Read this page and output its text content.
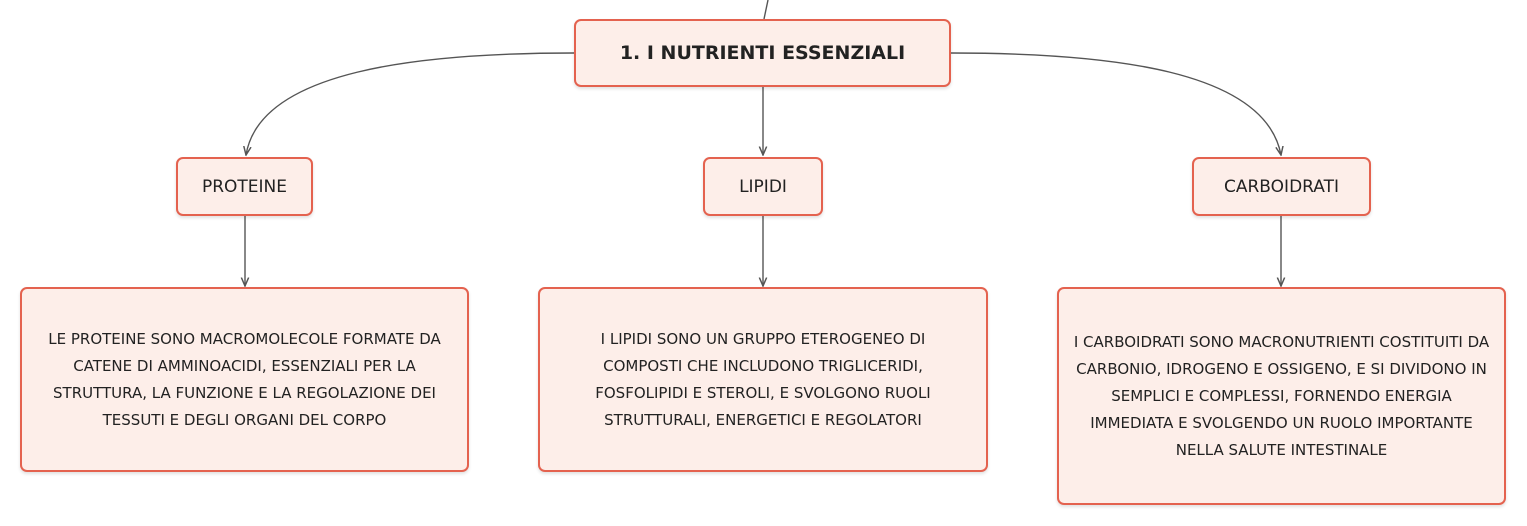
1. I NUTRIENTI ESSENZIALI
PROTEINE	LIPIDI	CARBOIDRATI
LE PROTEINE SONO MACROMOLECOLE FORMATE DA CATENE DI AMMINOACIDI, ESSENZIALI PER LA STRUTTURA, LA FUNZIONE E LA REGOLAZIONE DEI TESSUTI E DEGLI ORGANI DEL CORPO
I LIPIDI SONO UN GRUPPO ETEROGENEO DI COMPOSTI CHE INCLUDONO TRIGLICERIDI, FOSFOLIPIDI E STEROLI, E SVOLGONO RUOLI STRUTTURALI, ENERGETICI E REGOLATORI
I CARBOIDRATI SONO MACRONUTRIENTI COSTITUITI DA CARBONIO, IDROGENO E OSSIGENO, E SI DIVIDONO IN SEMPLICI E COMPLESSI, FORNENDO ENERGIA IMMEDIATA E SVOLGENDO UN RUOLO IMPORTANTE NELLA SALUTE INTESTINALE
